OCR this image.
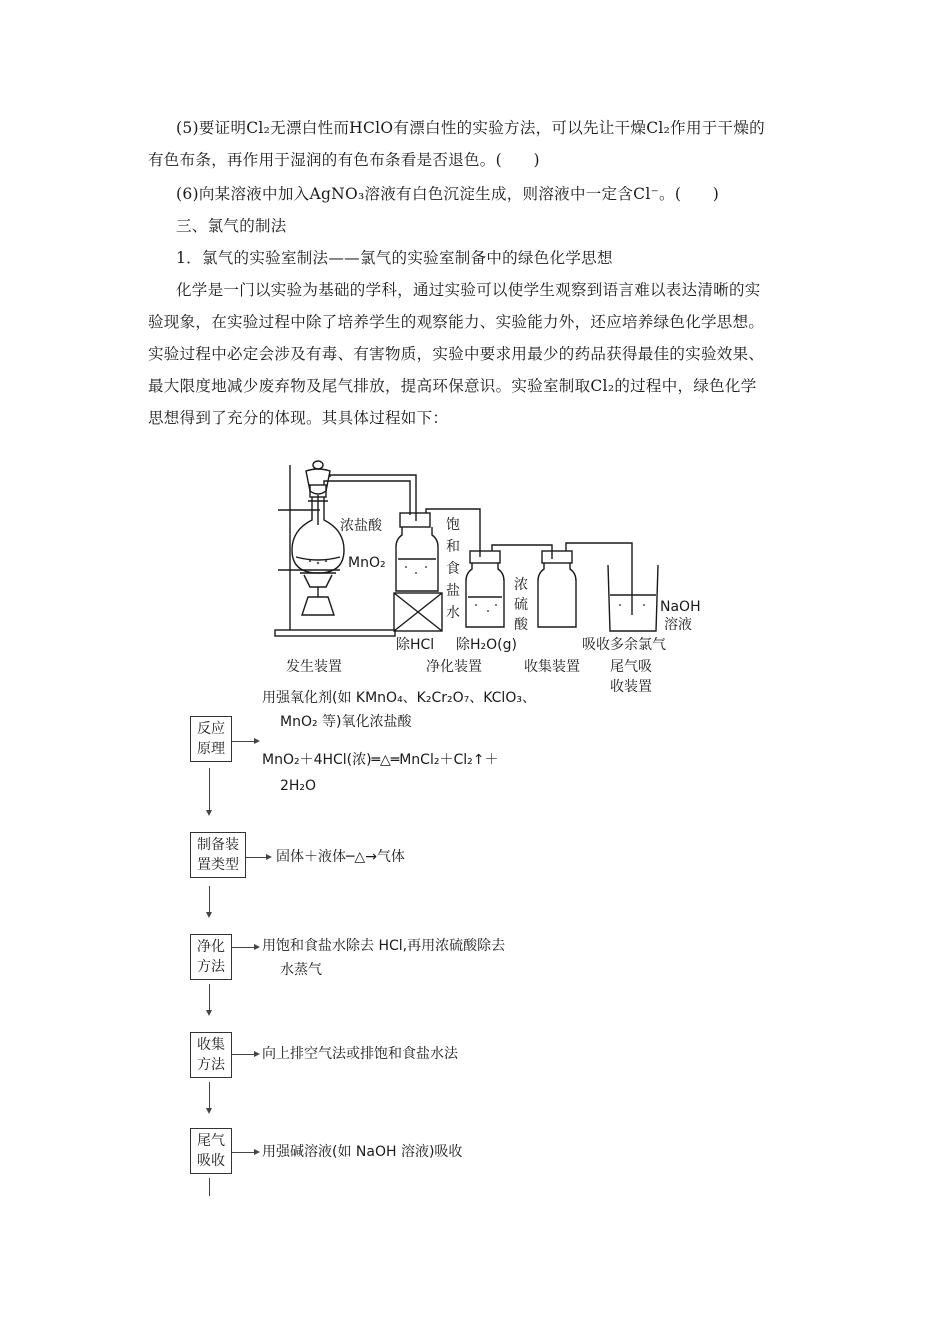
(5)要证明Cl₂无漂白性而HClO有漂白性的实验方法，可以先让干燥Cl₂作用于干燥的
有色布条，再作用于湿润的有色布条看是否退色。(　　)
(6)向某溶液中加入AgNO₃溶液有白色沉淀生成，则溶液中一定含Cl⁻。(　　)
三、氯气的制法
1．氯气的实验室制法——氯气的实验室制备中的绿色化学思想
化学是一门以实验为基础的学科，通过实验可以使学生观察到语言难以表达清晰的实
验现象，在实验过程中除了培养学生的观察能力、实验能力外，还应培养绿色化学思想。
实验过程中必定会涉及有毒、有害物质，实验中要求用最少的药品获得最佳的实验效果、
最大限度地减少废弃物及尾气排放，提高环保意识。实验室制取Cl₂的过程中，绿色化学
思想得到了充分的体现。其具体过程如下：
浓盐酸
MnO₂
饱
和
食
盐
水
浓
硫
酸
NaOH
溶液
除HCl 除H₂O(g)	吸收多余氯气
发生装置	净化装置	收集装置 尾气吸
收装置
反应
原理
用强氧化剂(如 KMnO₄、K₂Cr₂O₇、KClO₃、
MnO₂ 等)氧化浓盐酸
MnO₂＋4HCl(浓)═△═MnCl₂＋Cl₂↑＋
2H₂O
制备装
置类型	固体＋液体─△→气体
净化
方法
用饱和食盐水除去 HCl,再用浓硫酸除去
水蒸气
收集
方法
向上排空气法或排饱和食盐水法
尾气
吸收
用强碱溶液(如 NaOH 溶液)吸收
